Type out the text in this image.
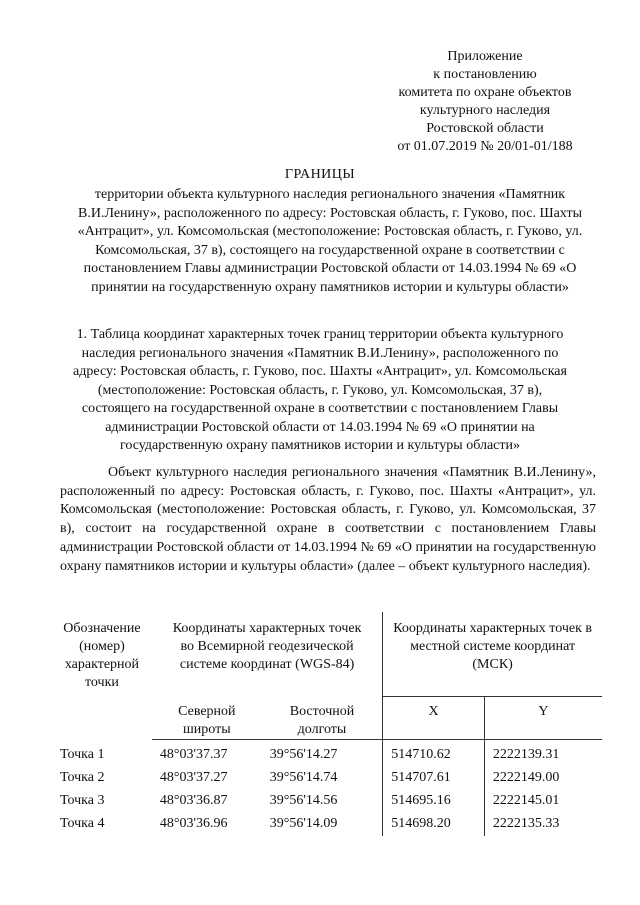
Приложение
к постановлению
комитета по охране объектов
культурного наследия
Ростовской области
от 01.07.2019 № 20/01-01/188
ГРАНИЦЫ
территории объекта культурного наследия регионального значения «Памятник В.И.Ленину», расположенного по адресу: Ростовская область, г. Гуково, пос. Шахты «Антрацит», ул. Комсомольская (местоположение: Ростовская область, г. Гуково, ул. Комсомольская, 37 в), состоящего на государственной охране в соответствии с постановлением Главы администрации Ростовской области от 14.03.1994 № 69 «О принятии на государственную охрану памятников истории и культуры области»
1. Таблица координат характерных точек границ территории объекта культурного наследия регионального значения «Памятник В.И.Ленину», расположенного по адресу: Ростовская область, г. Гуково, пос. Шахты «Антрацит», ул. Комсомольская (местоположение: Ростовская область, г. Гуково, ул. Комсомольская, 37 в), состоящего на государственной охране в соответствии с постановлением Главы администрации Ростовской области от 14.03.1994 № 69 «О принятии на государственную охрану памятников истории и культуры области»
Объект культурного наследия регионального значения «Памятник В.И.Ленину», расположенный по адресу: Ростовская область, г. Гуково, пос. Шахты «Антрацит», ул. Комсомольская (местоположение: Ростовская область, г. Гуково, ул. Комсомольская, 37 в), состоит на государственной охране в соответствии с постановлением Главы администрации Ростовской области от 14.03.1994 № 69 «О принятии на государственную охрану памятников истории и культуры области» (далее – объект культурного наследия).
Обозначение (номер) характерной точки	Координаты характерных точек во Всемирной геодезической системе координат (WGS-84)		Координаты характерных точек в местной системе координат (МСК)	
	Северной широты	Восточной долготы	X	Y
Точка 1	48°03'37.37	39°56'14.27	514710.62	2222139.31
Точка 2	48°03'37.27	39°56'14.74	514707.61	2222149.00
Точка 3	48°03'36.87	39°56'14.56	514695.16	2222145.01
Точка 4	48°03'36.96	39°56'14.09	514698.20	2222135.33
